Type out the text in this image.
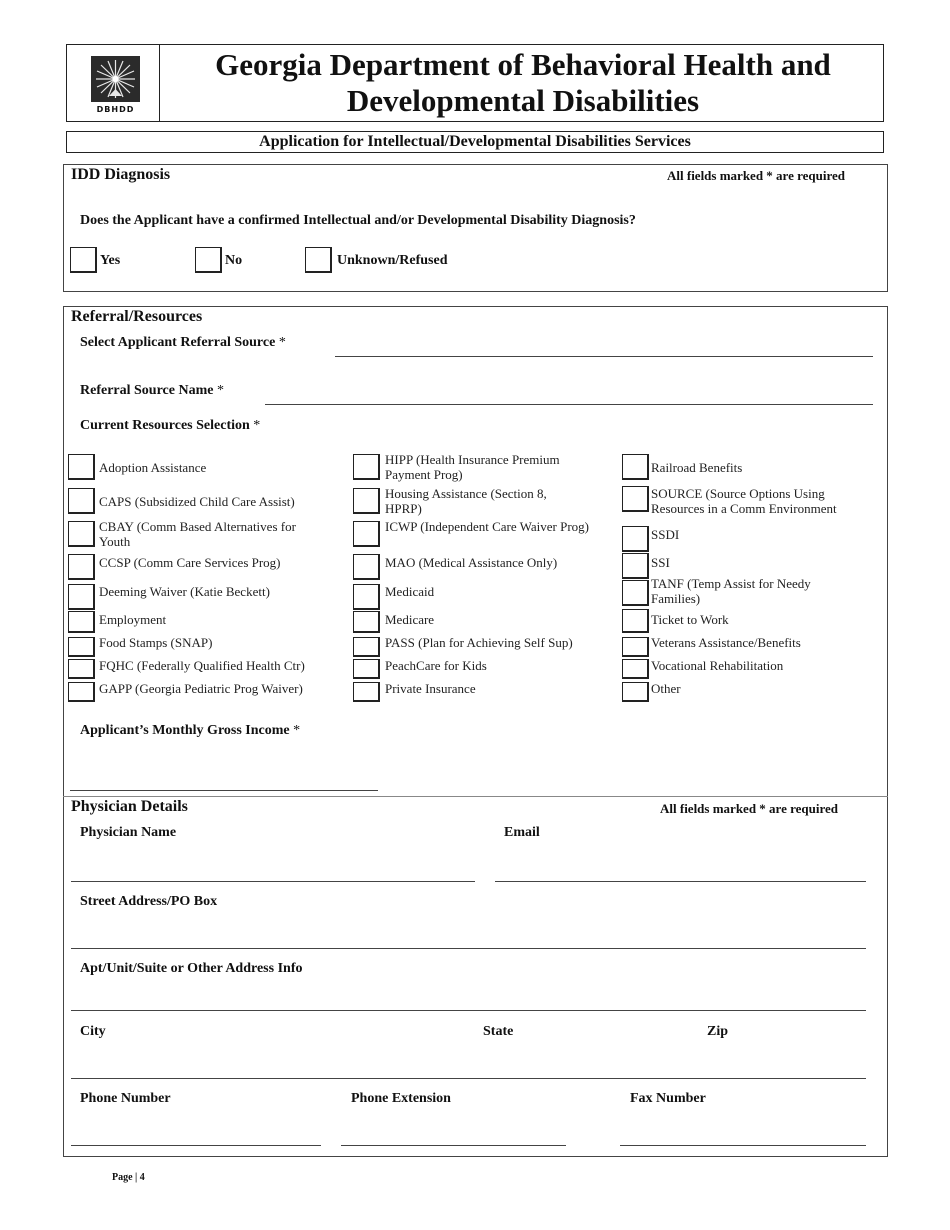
DBHDD
Georgia Department of Behavioral Health and
Developmental Disabilities
Application for Intellectual/Developmental Disabilities Services
IDD Diagnosis	All fields marked * are required
Does the Applicant have a confirmed Intellectual and/or Developmental Disability Diagnosis?
Yes	No	Unknown/Refused
Referral/Resources
Select Applicant Referral Source *
Referral Source Name *
Current Resources Selection *
Adoption Assistance
CAPS (Subsidized Child Care Assist)
CBAY (Comm Based Alternatives for Youth
CCSP (Comm Care Services Prog)
Deeming Waiver (Katie Beckett)
Employment
Food Stamps (SNAP)
FQHC (Federally Qualified Health Ctr)
GAPP (Georgia Pediatric Prog Waiver)
HIPP (Health Insurance Premium Payment Prog)
Housing Assistance (Section 8, HPRP)
ICWP (Independent Care Waiver Prog)
MAO (Medical Assistance Only)
Medicaid
Medicare
PASS (Plan for Achieving Self Sup)
PeachCare for Kids
Private Insurance
Railroad Benefits
SOURCE (Source Options Using Resources in a Comm Environment
SSDI
SSI
TANF (Temp Assist for Needy Families)
Ticket to Work
Veterans Assistance/Benefits
Vocational Rehabilitation
Other
Applicant’s Monthly Gross Income *
Physician Details	All fields marked * are required
Physician Name	Email
Street Address/PO Box
Apt/Unit/Suite or Other Address Info
City	State	Zip
Phone Number	Phone Extension	Fax Number
Page | 4
